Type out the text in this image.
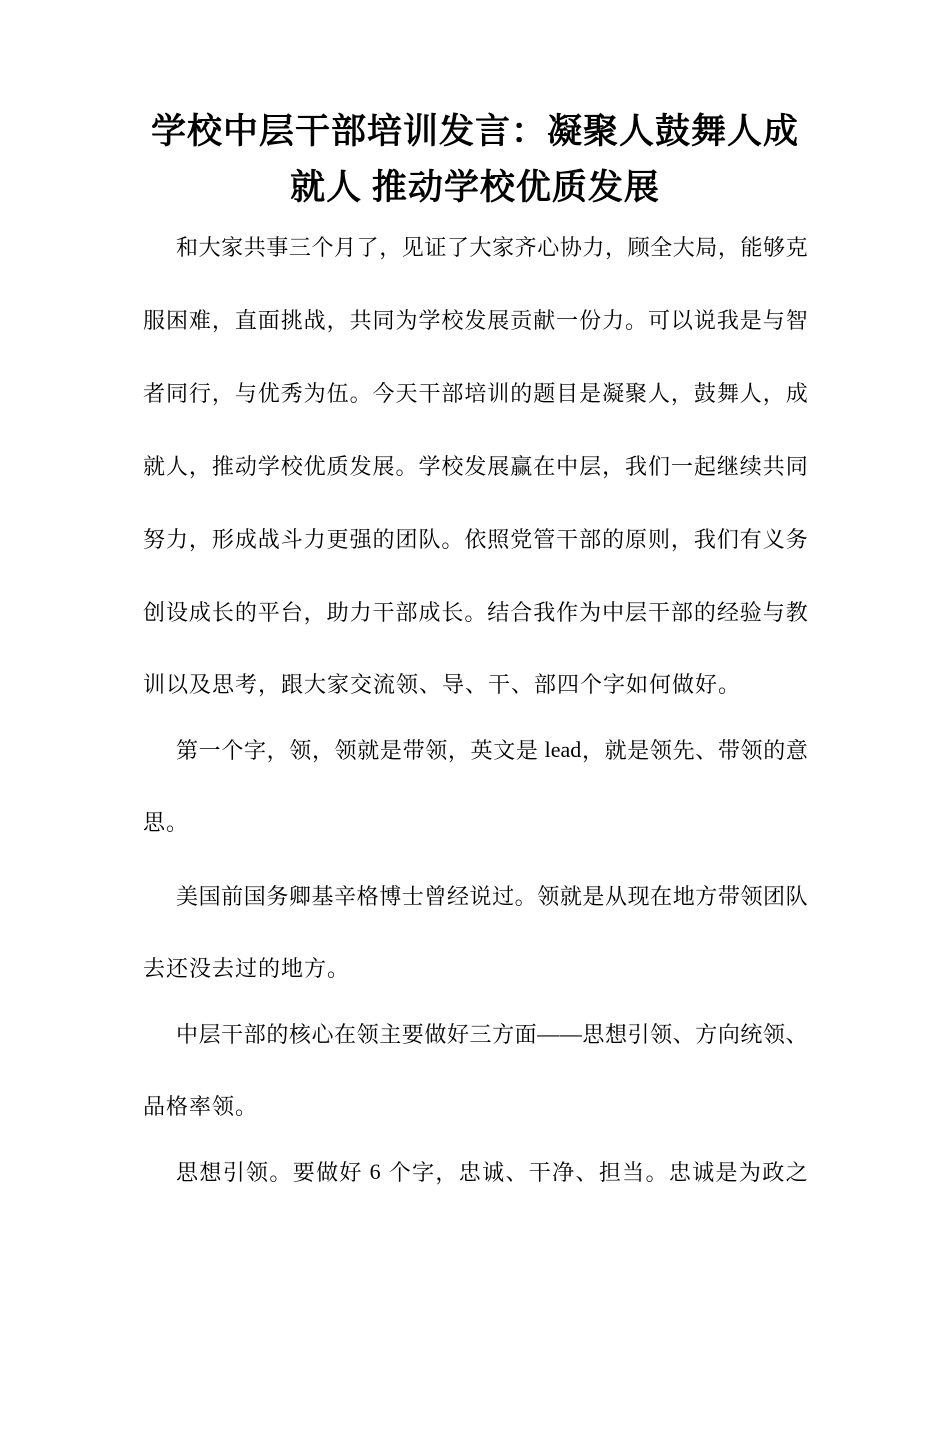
学校中层干部培训发言：凝聚人鼓舞人成
就人 推动学校优质发展
和 大 家 共 事 三 个 月 了 ， 见 证 了 大 家 齐 心 协 力 ， 顾 全 大 局 ， 能 够 克
服 困 难 ， 直 面 挑 战 ， 共 同 为 学 校 发 展 贡 献 一 份 力 。 可 以 说 我 是 与 智
者 同 行 ， 与 优 秀 为 伍 。 今 天 干 部 培 训 的 题 目 是 凝 聚 人 ， 鼓 舞 人 ， 成
就 人 ， 推 动 学 校 优 质 发 展 。 学 校 发 展 赢 在 中 层 ， 我 们 一 起 继 续 共 同
努 力 ， 形 成 战 斗 力 更 强 的 团 队 。 依 照 党 管 干 部 的 原 则 ， 我 们 有 义 务
创 设 成 长 的 平 台 ， 助 力 干 部 成 长 。 结 合 我 作 为 中 层 干 部 的 经 验 与 教
训以及思考，跟大家交流领、导、干、部四个字如何做好。
第 一 个 字 ， 领 ， 领 就 是 带 领 ， 英 文 是
lead ， 就 是 领 先 、 带 领 的 意
思。
美 国 前 国 务 卿 基 辛 格 博 士 曾 经 说 过 。 领 就 是 从 现 在 地 方 带 领 团 队
去还没去过的地方。
中 层 干 部 的 核 心 在 领 主 要 做 好 三 方 面 — — 思 想 引 领 、 方 向 统 领 、
品格率领。
思 想 引 领 。 要 做 好
6
个 字 ， 忠 诚 、 干 净 、 担 当 。 忠 诚 是 为 政 之
